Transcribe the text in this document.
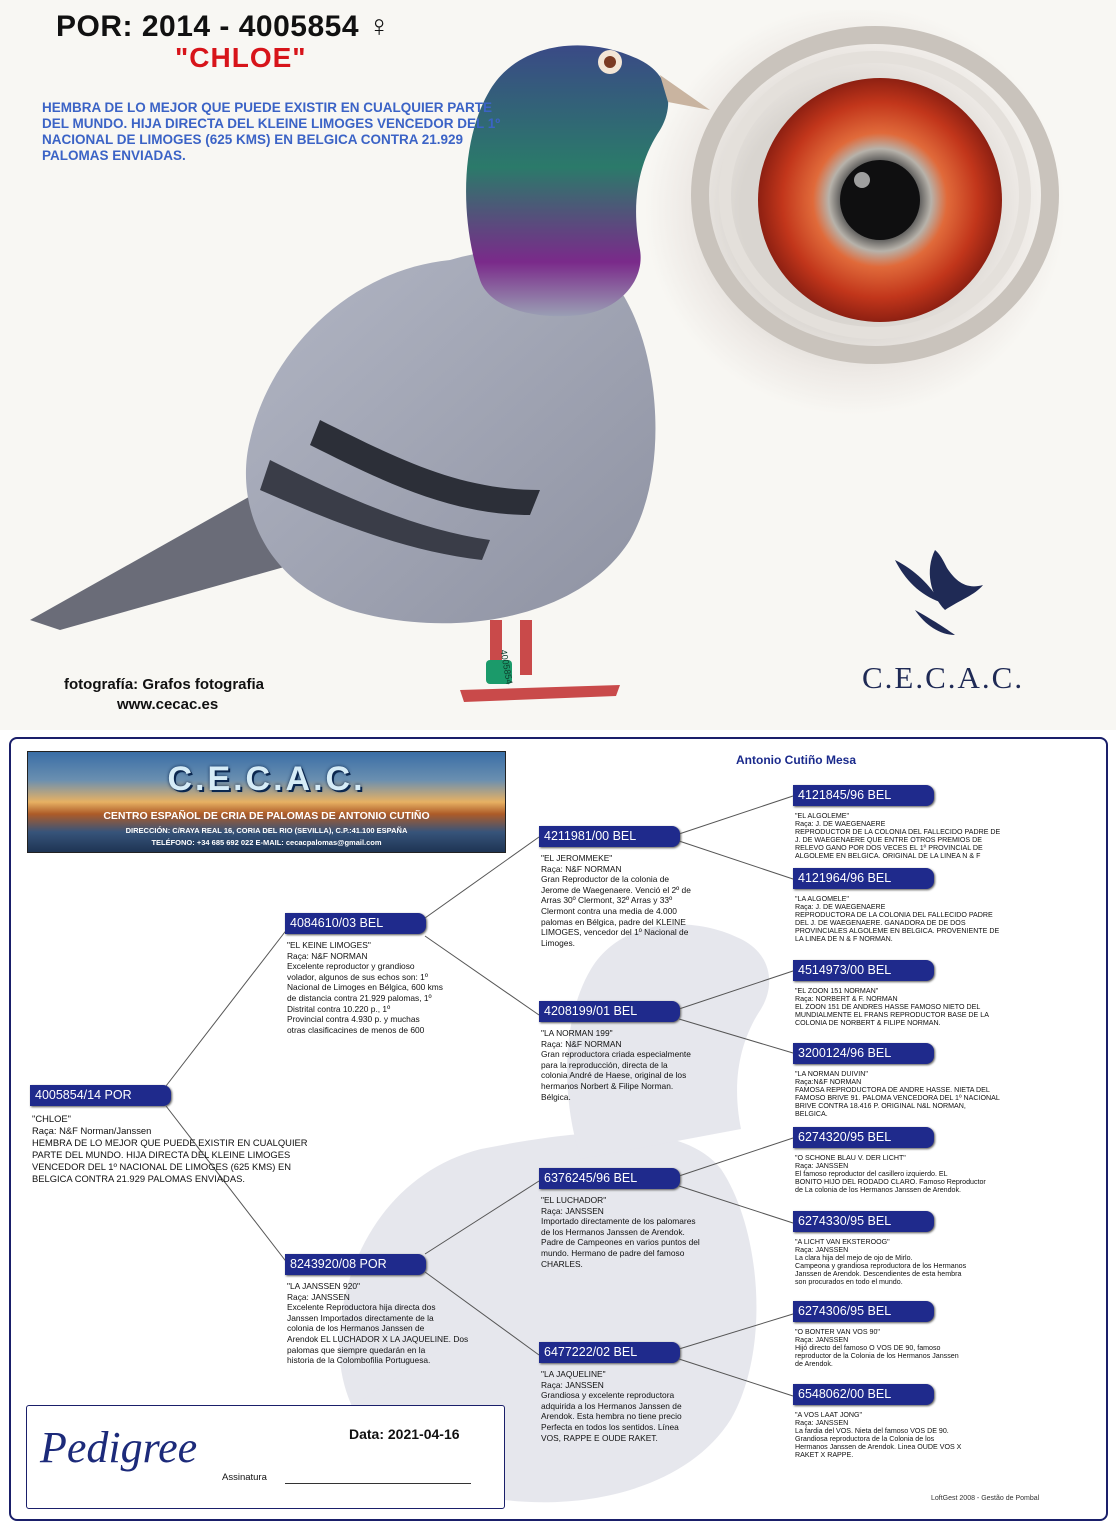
POR: 2014 - 4005854 ♀
"CHLOE"
HEMBRA DE LO MEJOR QUE PUEDE EXISTIR EN CUALQUIER PARTE DEL MUNDO. HIJA DIRECTA DEL KLEINE LIMOGES VENCEDOR DEL 1º NACIONAL DE LIMOGES (625 KMS) EN BELGICA CONTRA 21.929 PALOMAS ENVIADAS.
fotografía: Grafos fotografia
www.cecac.es
C.E.C.A.C.
4005854
Antonio Cutiño Mesa
C.E.C.A.C.
CENTRO ESPAÑOL DE CRIA DE PALOMAS DE ANTONIO CUTIÑO
DIRECCIÓN: C/RAYA REAL 16, CORIA DEL RIO (SEVILLA), C.P.:41.100 ESPAÑA
TELÉFONO: +34 685 692 022 E-MAIL: cecacpalomas@gmail.com
4005854/14 POR
"CHLOE"
Raça: N&F Norman/Janssen
HEMBRA DE LO MEJOR QUE PUEDE EXISTIR EN CUALQUIER
PARTE DEL MUNDO. HIJA DIRECTA DEL KLEINE LIMOGES
VENCEDOR DEL 1º NACIONAL DE LIMOGES (625 KMS) EN
BELGICA CONTRA 21.929 PALOMAS ENVIADAS.
4084610/03 BEL
"EL KEINE LIMOGES"
Raça: N&F NORMAN
Excelente reproductor y grandioso
volador, algunos de sus echos son: 1º
Nacional de Limoges en Bélgica, 600 kms
de distancia contra 21.929 palomas, 1º
Distrital contra 10.220 p., 1º
Provincial contra 4.930 p. y muchas
otras clasificacines de menos de 600
8243920/08 POR
"LA JANSSEN 920"
Raça: JANSSEN
Excelente Reproductora hija directa dos
Janssen Importados directamente de la
colonia de los Hermanos Janssen de
Arendok EL LUCHADOR X LA JAQUELINE. Dos
palomas que siempre quedarán en la
historia de la Colombofilia Portuguesa.
4211981/00 BEL
"EL JEROMMEKE"
Raça: N&F NORMAN
Gran Reproductor de la colonia de
Jerome de Waegenaere. Venció el 2º de
Arras 30º Clermont, 32º Arras y 33º
Clermont contra una media de 4.000
palomas en Bélgica, padre del KLEINE
LIMOGES, vencedor del 1º Nacional de
Limoges.
4208199/01 BEL
"LA NORMAN 199"
Raça: N&F NORMAN
Gran reproductora criada especialmente
para la reproducción, directa de la
colonia André de Haese, original de los
hermanos Norbert & Filipe Norman.
Bélgica.
6376245/96 BEL
"EL LUCHADOR"
Raça: JANSSEN
Importado directamente de los palomares
de los Hermanos Janssen de Arendok.
Padre de Campeones en varios puntos del
mundo. Hermano de padre del famoso
CHARLES.
6477222/02 BEL
"LA JAQUELINE"
Raça: JANSSEN
Grandiosa y excelente reproductora
adquirida a los Hermanos Janssen de
Arendok. Esta hembra no tiene precio
Perfecta en todos los sentidos. Línea
VOS, RAPPE E OUDE RAKET.
4121845/96 BEL
"EL ALGOLEME"
Raça: J. DE WAEGENAERE
REPRODUCTOR DE LA COLONIA DEL FALLECIDO PADRE DE
J. DE WAEGENAERE QUE ENTRE OTROS PREMIOS DE
RELEVO GANO POR DOS VECES EL 1º PROVINCIAL DE
ALGOLEME EN BELGICA. ORIGINAL DE LA LINEA N & F
4121964/96 BEL
"LA ALGOMELE"
Raça: J. DE WAEGENAERE
REPRODUCTORA DE LA COLONIA DEL FALLECIDO PADRE
DEL J. DE WAEGENAERE. GANADORA DE DE DOS
PROVINCIALES ALGOLEME EN BELGICA. PROVENIENTE DE
LA LINEA DE N & F NORMAN.
4514973/00 BEL
"EL ZOON 151 NORMAN"
Raça: NORBERT & F. NORMAN
EL ZOON 151 DE ANDRES HASSE FAMOSO NIETO DEL
MUNDIALMENTE EL FRANS REPRODUCTOR BASE DE LA
COLONIA DE NORBERT & FILIPE NORMAN.
3200124/96 BEL
"LA NORMAN DUIVIN"
Raça:N&F NORMAN
FAMOSA REPRODUCTORA DE ANDRE HASSE. NIETA DEL
FAMOSO BRIVE 91. PALOMA VENCEDORA DEL 1º NACIONAL
BRIVE CONTRA 18.416 P. ORIGINAL N&L NORMAN,
BELGICA.
6274320/95 BEL
"O SCHONE BLAU V. DER LICHT"
Raça: JANSSEN
El famoso reproductor del casillero izquierdo. EL
BONITO HIJO DEL RODADO CLARO. Famoso Reproductor
de La colonia de los Hermanos Janssen de Arendok.
6274330/95 BEL
"A LICHT VAN EKSTEROOG"
Raça: JANSSEN
La clara hija del mejo de ojo de Mirlo.
Campeona y grandiosa reproductora de los Hermanos
Janssen de Arendok. Descendientes de esta hembra
son procurados en todo el mundo.
6274306/95 BEL
"O BONTER VAN VOS 90"
Raça: JANSSEN
Hijó directo del famoso O VOS DE 90, famoso
reproductor de la Colonia de los Hermanos Janssen
de Arendok.
6548062/00 BEL
"A VOS LAAT JONG"
Raça: JANSSEN
La fardia del VOS. Nieta del famoso VOS DE 90.
Grandiosa reproductora de la Colonia de los
Hermanos Janssen de Arendok. Linea OUDE VOS X
RAKET X RAPPE.
Pedigree	Data: 2021-04-16
Assinatura
LoftGest 2008 - Gestão de Pombal
